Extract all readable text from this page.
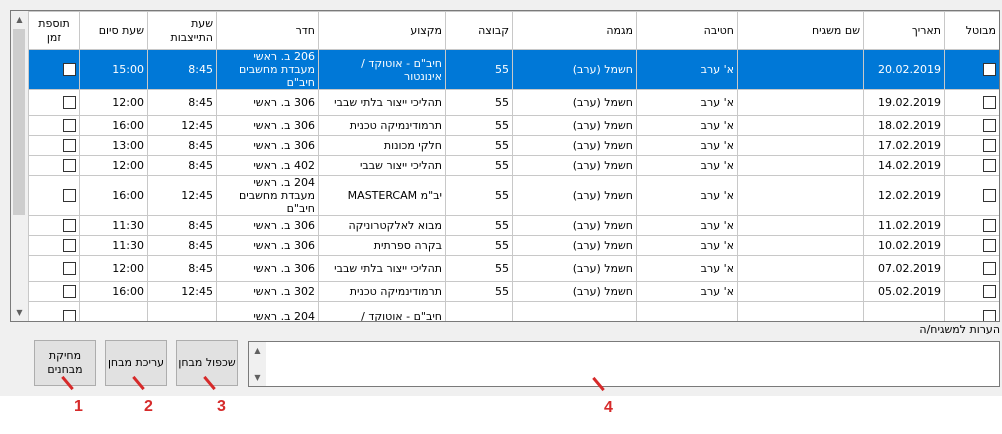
▲
▼
תוספת זמן	שעת סיום	שעת התייצבות	חדר	מקצוע	קבוצה	מגמה	חטיבה	שם משגיח	תאריך	מבוטל
	15:00	8:45	206 ב. ראשי מעבדת מחשבים חיב"ם	חיב"ם - אוטוקד / אינונטור	55	חשמל (ערב)	א' ערב		20.02.2019	
	12:00	8:45	306 ב. ראשי	תהליכי ייצור בלתי שבבי	55	חשמל (ערב)	א' ערב		19.02.2019	
	16:00	12:45	306 ב. ראשי	תרמודינמיקה טכנית	55	חשמל (ערב)	א' ערב		18.02.2019	
	13:00	8:45	306 ב. ראשי	חלקי מכונות	55	חשמל (ערב)	א' ערב		17.02.2019	
	12:00	8:45	402 ב. ראשי	תהליכי ייצור שבבי	55	חשמל (ערב)	א' ערב		14.02.2019	
	16:00	12:45	204 ב. ראשי מעבדת מחשבים חיב"ם	יב"מ MASTERCAM	55	חשמל (ערב)	א' ערב		12.02.2019	
	11:30	8:45	306 ב. ראשי	מבוא לאלקטרוניקה	55	חשמל (ערב)	א' ערב		11.02.2019	
	11:30	8:45	306 ב. ראשי	בקרה ספרתית	55	חשמל (ערב)	א' ערב		10.02.2019	
	12:00	8:45	306 ב. ראשי	תהליכי ייצור בלתי שבבי	55	חשמל (ערב)	א' ערב		07.02.2019	
	16:00	12:45	302 ב. ראשי	תרמודינמיקה טכנית	55	חשמל (ערב)	א' ערב		05.02.2019	
			204 ב. ראשי	חיב"ם - אוטוקד /						
הערות למשגיח/ה
▲
▼
מחיקת מבחנים
עריכת מבחן שכפול מבחן
1	2	3	4
